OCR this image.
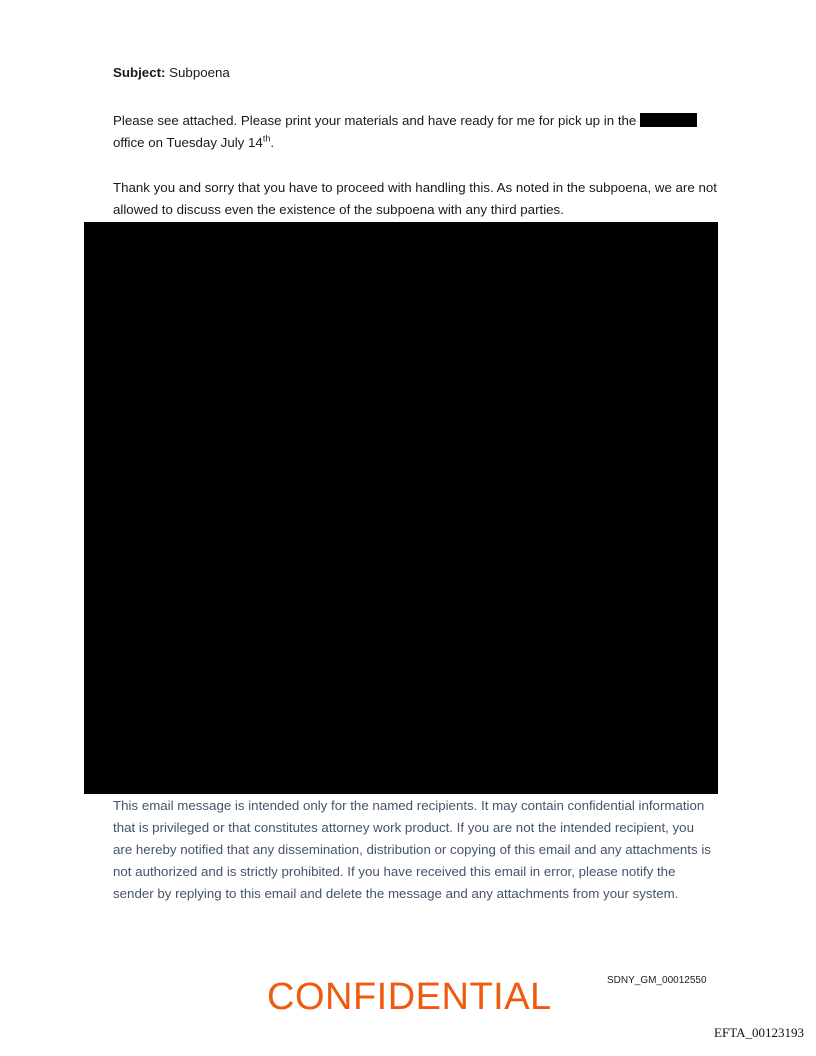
Subject: Subpoena

Please see attached. Please print your materials and have ready for me for pick up in the  office on Tuesday July 14th.

Thank you and sorry that you have to proceed with handling this. As noted in the subpoena, we are not allowed to discuss even the existence of the subpoena with any third parties.

This email message is intended only for the named recipients. It may contain confidential information that is privileged or that constitutes attorney work product. If you are not the intended recipient, you are hereby notified that any dissemination, distribution or copying of this email and any attachments is not authorized and is strictly prohibited. If you have received this email in error, please notify the sender by replying to this email and delete the message and any attachments from your system.

CONFIDENTIAL	SDNY_GM_00012550

EFTA_00123193
